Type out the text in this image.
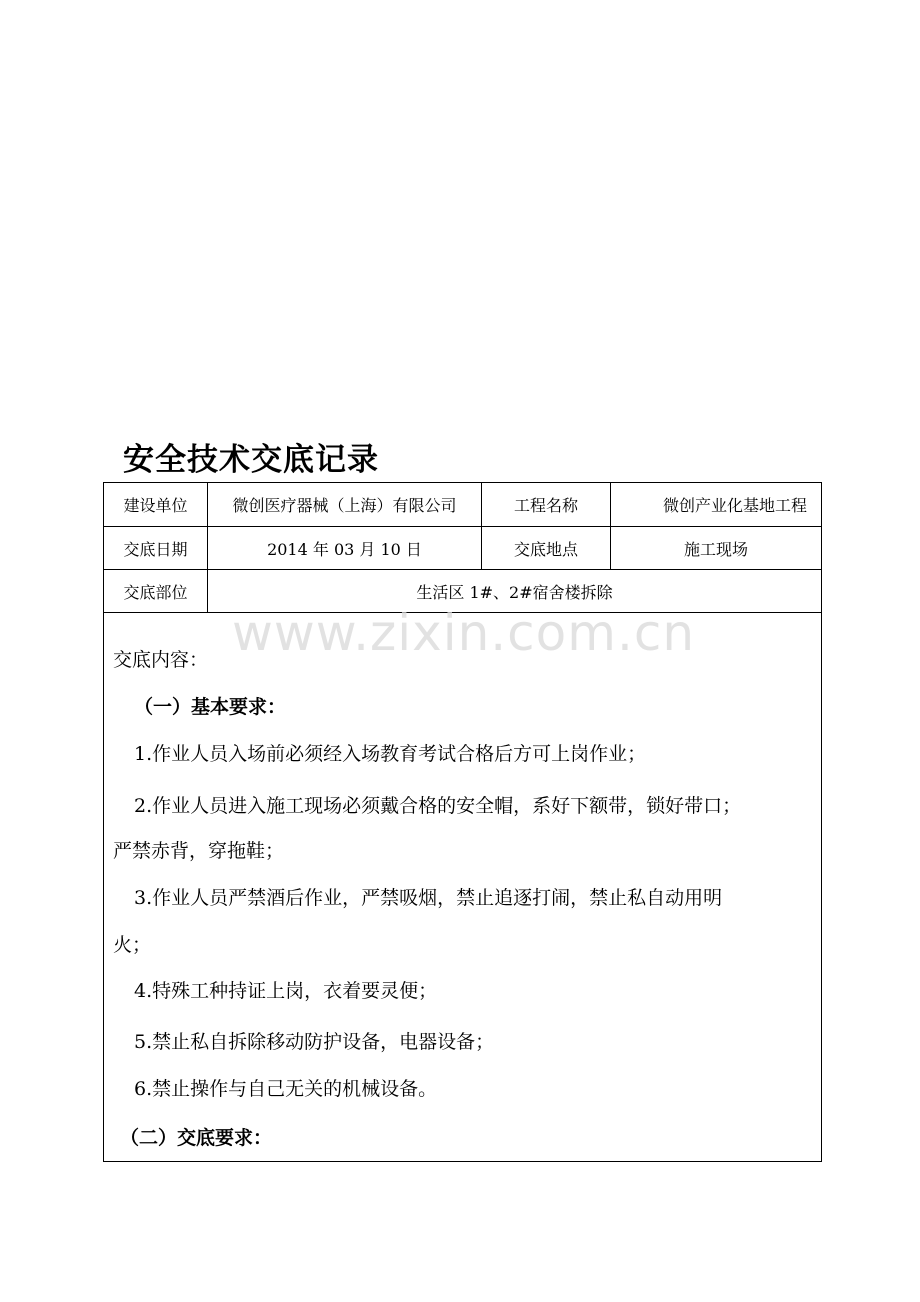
安全技术交底记录
建设单位	微创医疗器械（上海）有限公司	工程名称	微创产业化基地工程
交底日期	2014 年 03 月 10 日	交底地点	施工现场
交底部位	生活区 1#、2#宿舍楼拆除
交底内容：
（一）基本要求：
1.作业人员入场前必须经入场教育考试合格后方可上岗作业；
2.作业人员进入施工现场必须戴合格的安全帽，系好下额带，锁好带口；
严禁赤背，穿拖鞋；
3.作业人员严禁酒后作业，严禁吸烟，禁止追逐打闹，禁止私自动用明
火；
4.特殊工种持证上岗，衣着要灵便；
5.禁止私自拆除移动防护设备，电器设备；
6.禁止操作与自己无关的机械设备。
（二）交底要求：
www.zixin.com.cn
